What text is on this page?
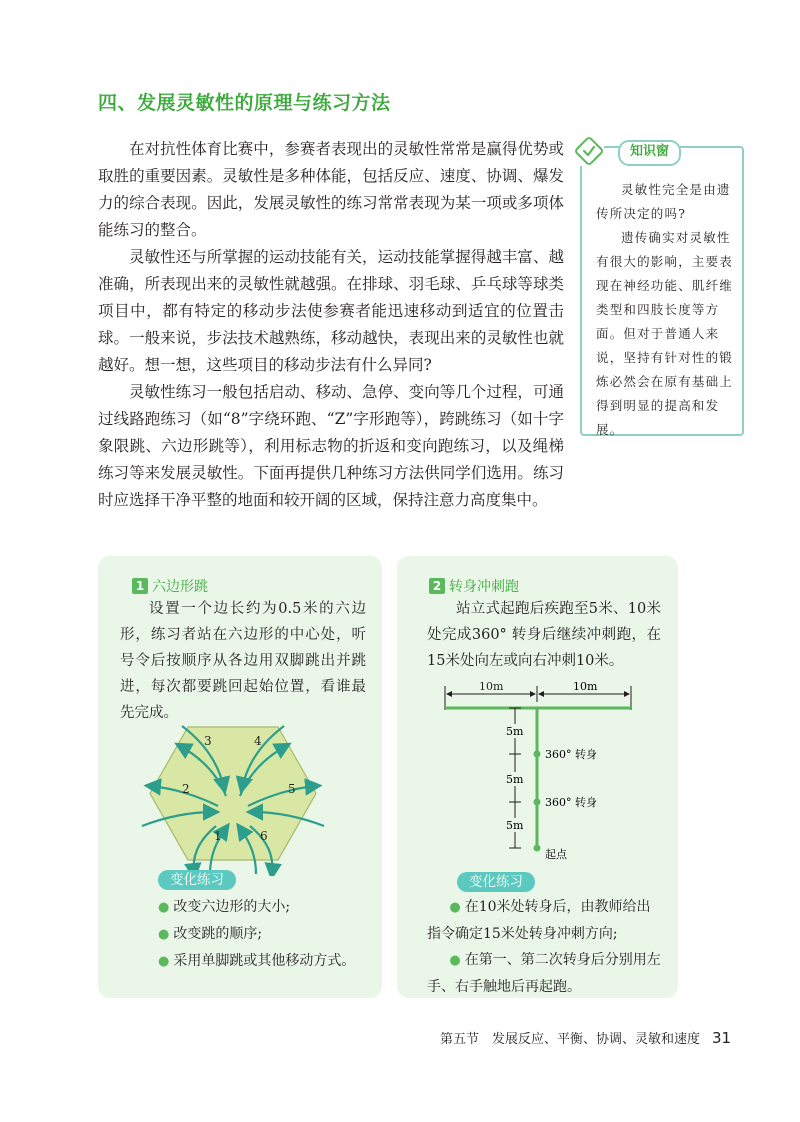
四、发展灵敏性的原理与练习方法

在对抗性体育比赛中，参赛者表现出的灵敏性常常是赢得优势或取胜的重要因素。灵敏性是多种体能，包括反应、速度、协调、爆发力的综合表现。因此，发展灵敏性的练习常常表现为某一项或多项体能练习的整合。

灵敏性还与所掌握的运动技能有关，运动技能掌握得越丰富、越准确，所表现出来的灵敏性就越强。在排球、羽毛球、乒乓球等球类项目中，都有特定的移动步法使参赛者能迅速移动到适宜的位置击球。一般来说，步法技术越熟练，移动越快，表现出来的灵敏性也就越好。想一想，这些项目的移动步法有什么异同?

灵敏性练习一般包括启动、移动、急停、变向等几个过程，可通过线路跑练习（如“8”字绕环跑、“Z”字形跑等），跨跳练习（如十字象限跳、六边形跳等），利用标志物的折返和变向跑练习，以及绳梯练习等来发展灵敏性。下面再提供几种练习方法供同学们选用。练习时应选择干净平整的地面和较开阔的区域，保持注意力高度集中。

知识窗

灵敏性完全是由遗传所决定的吗?

遗传确实对灵敏性有很大的影响，主要表现在神经功能、肌纤维类型和四肢长度等方面。但对于普通人来说，坚持有针对性的锻炼必然会在原有基础上得到明显的提高和发展。

1 六边形跳

设置一个边长约为0.5米的六边形，练习者站在六边形的中心处，听号令后按顺序从各边用双脚跳出并跳进，每次都要跳回起始位置，看谁最先完成。

1
2
3	4
5
6
变化练习

● 改变六边形的大小;

● 改变跳的顺序;

● 采用单脚跳或其他移动方式。

2 转身冲刺跑

站立式起跑后疾跑至5米、10米处完成360° 转身后继续冲刺跑，在15米处向左或向右冲刺10米。

10m	10m
5m
5m
5m
360° 转身
360° 转身
起点
变化练习

● 在10米处转身后，由教师给出指令确定15米处转身冲刺方向;

● 在第一、第二次转身后分别用左手、右手触地后再起跑。

第五节　发展反应、平衡、协调、灵敏和速度 31
